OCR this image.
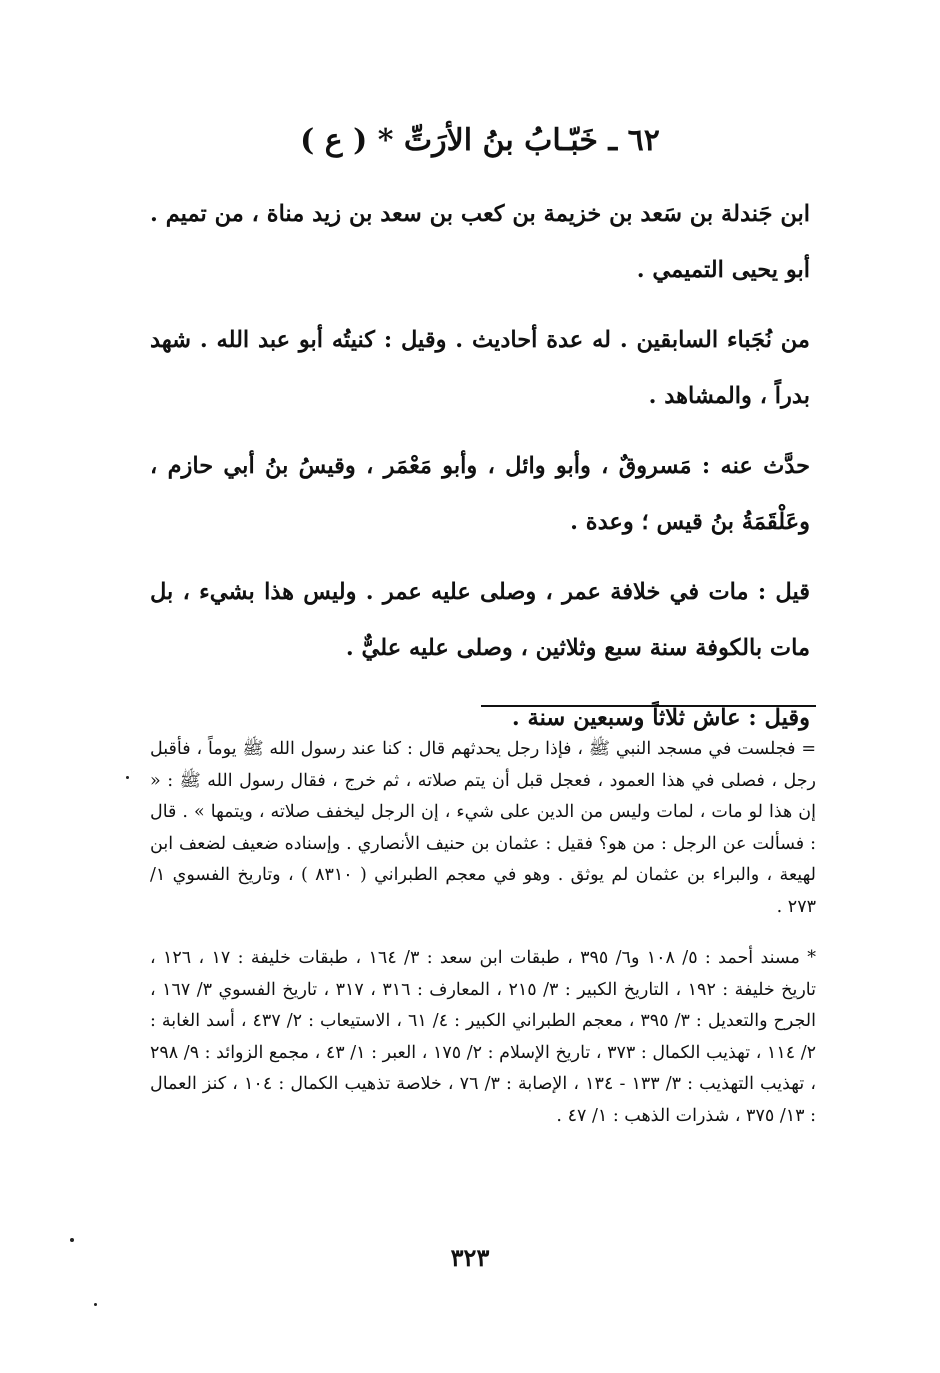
٦٢ ـ خَبّـابُ بنُ الأرَتِّ * ( ع )

ابن جَندلة بن سَعد بن خزيمة بن كعب بن سعد بن زيد مناة ، من تميم . أبو يحيى التميمي .

من نُجَباء السابقين . له عدة أحاديث . وقيل : كنيتُه أبو عبد الله . شهد بدراً ، والمشاهد .

حدَّث عنه : مَسروقٌ ، وأبو وائل ، وأبو مَعْمَر ، وقيسُ بنُ أبي حازم ، وعَلْقَمَةُ بنُ قيس ؛ وعدة .

قيل : مات في خلافة عمر ، وصلى عليه عمر . وليس هذا بشيء ، بل مات بالكوفة سنة سبع وثلاثين ، وصلى عليه عليٌّ .

وقيل : عاش ثلاثاً وسبعين سنة .

= فجلست في مسجد النبي ﷺ ، فإذا رجل يحدثهم قال : كنا عند رسول الله ﷺ يوماً ، فأقبل رجل ، فصلى في هذا العمود ، فعجل قبل أن يتم صلاته ، ثم خرج ، فقال رسول الله ﷺ : « إن هذا لو مات ، لمات وليس من الدين على شيء ، إن الرجل ليخفف صلاته ، ويتمها » . قال : فسألت عن الرجل : من هو؟ فقيل : عثمان بن حنيف الأنصاري . وإسناده ضعيف لضعف ابن لهيعة ، والبراء بن عثمان لم يوثق . وهو في معجم الطبراني ( ٨٣١٠ ) ، وتاريخ الفسوي ١/ ٢٧٣ .

* مسند أحمد : ٥/ ١٠٨ و٦/ ٣٩٥ ، طبقات ابن سعد : ٣/ ١٦٤ ، طبقات خليفة : ١٧ ، ١٢٦ ، تاريخ خليفة : ١٩٢ ، التاريخ الكبير : ٣/ ٢١٥ ، المعارف : ٣١٦ ، ٣١٧ ، تاريخ الفسوي ٣/ ١٦٧ ، الجرح والتعديل : ٣/ ٣٩٥ ، معجم الطبراني الكبير : ٤/ ٦١ ، الاستيعاب : ٢/ ٤٣٧ ، أسد الغابة : ٢/ ١١٤ ، تهذيب الكمال : ٣٧٣ ، تاريخ الإسلام : ٢/ ١٧٥ ، العبر : ١/ ٤٣ ، مجمع الزوائد : ٩/ ٢٩٨ ، تهذيب التهذيب : ٣/ ١٣٣ - ١٣٤ ، الإصابة : ٣/ ٧٦ ، خلاصة تذهيب الكمال : ١٠٤ ، كنز العمال : ١٣/ ٣٧٥ ، شذرات الذهب : ١/ ٤٧ .

٣٢٣
